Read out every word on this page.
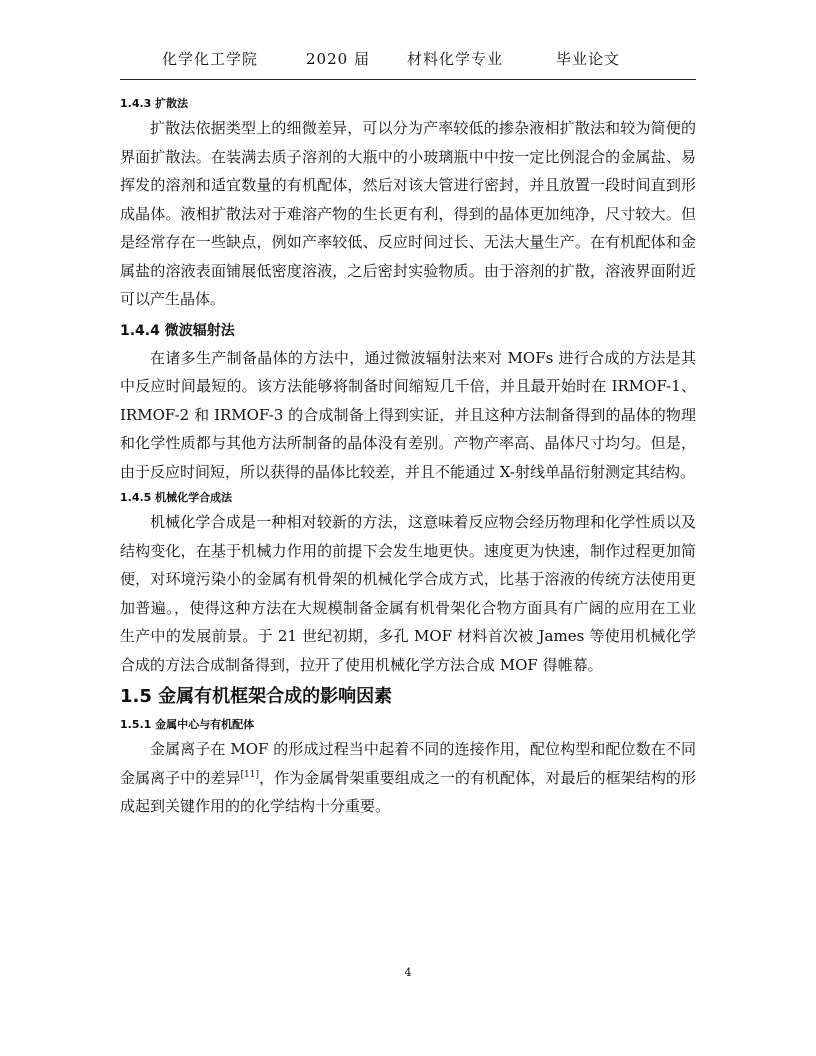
化学化工学院	2020 届 材料化学专业	毕业论文
1.4.3 扩散法

扩散法依据类型上的细微差异，可以分为产率较低的掺杂液相扩散法和较为简便的界面扩散法。在装满去质子溶剂的大瓶中的小玻璃瓶中中按一定比例混合的金属盐、易挥发的溶剂和适宜数量的有机配体，然后对该大管进行密封，并且放置一段时间直到形成晶体。液相扩散法对于难溶产物的生长更有利，得到的晶体更加纯净，尺寸较大。但是经常存在一些缺点，例如产率较低、反应时间过长、无法大量生产。在有机配体和金属盐的溶液表面铺展低密度溶液，之后密封实验物质。由于溶剂的扩散，溶液界面附近可以产生晶体。

1.4.4 微波辐射法

在诸多生产制备晶体的方法中，通过微波辐射法来对 MOFs 进行合成的方法是其中反应时间最短的。该方法能够将制备时间缩短几千倍，并且最开始时在 IRMOF-1、IRMOF-2 和 IRMOF-3 的合成制备上得到实证，并且这种方法制备得到的晶体的物理和化学性质都与其他方法所制备的晶体没有差别。产物产率高、晶体尺寸均匀。但是，由于反应时间短，所以获得的晶体比较差，并且不能通过 X-射线单晶衍射测定其结构。

1.4.5 机械化学合成法

机械化学合成是一种相对较新的方法，这意味着反应物会经历物理和化学性质以及结构变化，在基于机械力作用的前提下会发生地更快。速度更为快速，制作过程更加简便，对环境污染小的金属有机骨架的机械化学合成方式，比基于溶液的传统方法使用更加普遍。，使得这种方法在大规模制备金属有机骨架化合物方面具有广阔的应用在工业生产中的发展前景。于 21 世纪初期，多孔 MOF 材料首次被 James 等使用机械化学合成的方法合成制备得到，拉开了使用机械化学方法合成 MOF 得帷幕。

1.5 金属有机框架合成的影响因素
1.5.1 金属中心与有机配体

金属离子在 MOF 的形成过程当中起着不同的连接作用，配位构型和配位数在不同金属离子中的差异[11]，作为金属骨架重要组成之一的有机配体，对最后的框架结构的形成起到关键作用的的化学结构十分重要。

4
